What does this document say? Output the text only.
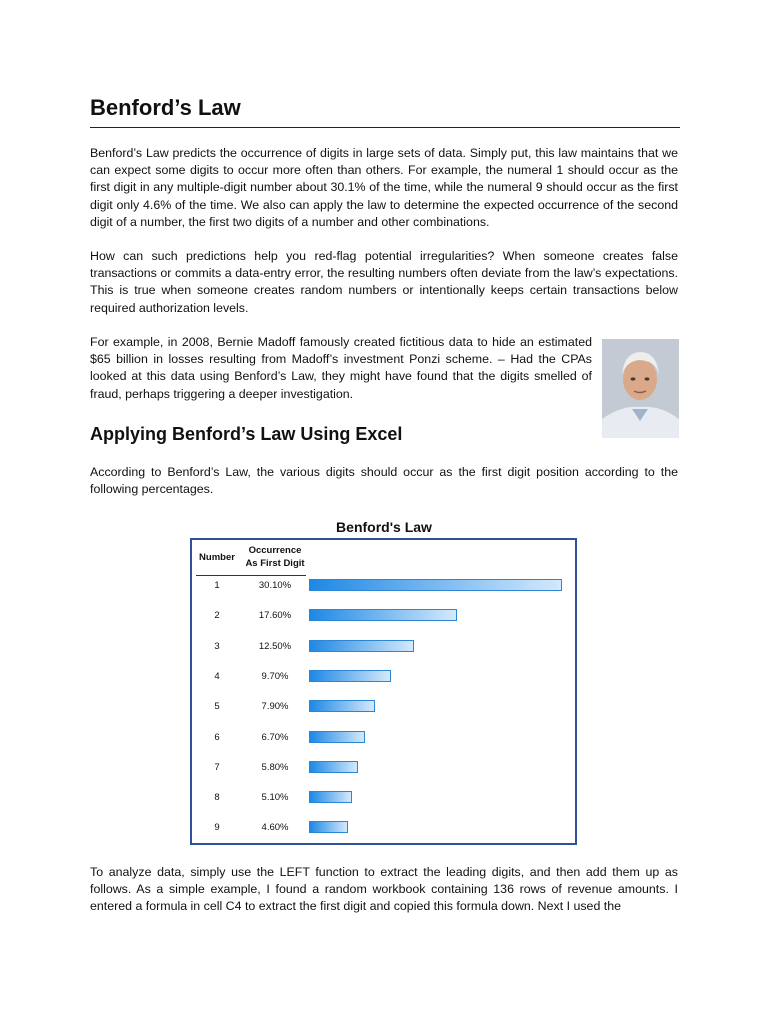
Benford’s Law

Benford’s Law predicts the occurrence of digits in large sets of data. Simply put, this law maintains that we can expect some digits to occur more often than others. For example, the numeral 1 should occur as the first digit in any multiple-digit number about 30.1% of the time, while the numeral 9 should occur as the first digit only 4.6% of the time. We also can apply the law to determine the expected occurrence of the second digit of a number, the first two digits of a number and other combinations.

How can such predictions help you red-flag potential irregularities? When someone creates false transactions or commits a data-entry error, the resulting numbers often deviate from the law’s expectations. This is true when someone creates random numbers or intentionally keeps certain transactions below required authorization levels.

For example, in 2008, Bernie Madoff famously created fictitious data to hide an estimated $65 billion in losses resulting from Madoff’s investment Ponzi scheme. – Had the CPAs looked at this data using Benford’s Law, they might have found that the digits smelled of fraud, perhaps triggering a deeper investigation.

Applying Benford’s Law Using Excel

According to Benford’s Law, the various digits should occur as the first digit position according to the following percentages.

Benford's Law
Number
Occurrence As First Digit
1	30.10%	30.10%
2	17.60%
3	12.50%
4	9.70%
5	7.90%
6	6.70%
7	5.80%
8	5.10%
9	4.60%

To analyze data, simply use the LEFT function to extract the leading digits, and then add them up as follows. As a simple example, I found a random workbook containing 136 rows of revenue amounts. I entered a formula in cell C4 to extract the first digit and copied this formula down. Next I used the
